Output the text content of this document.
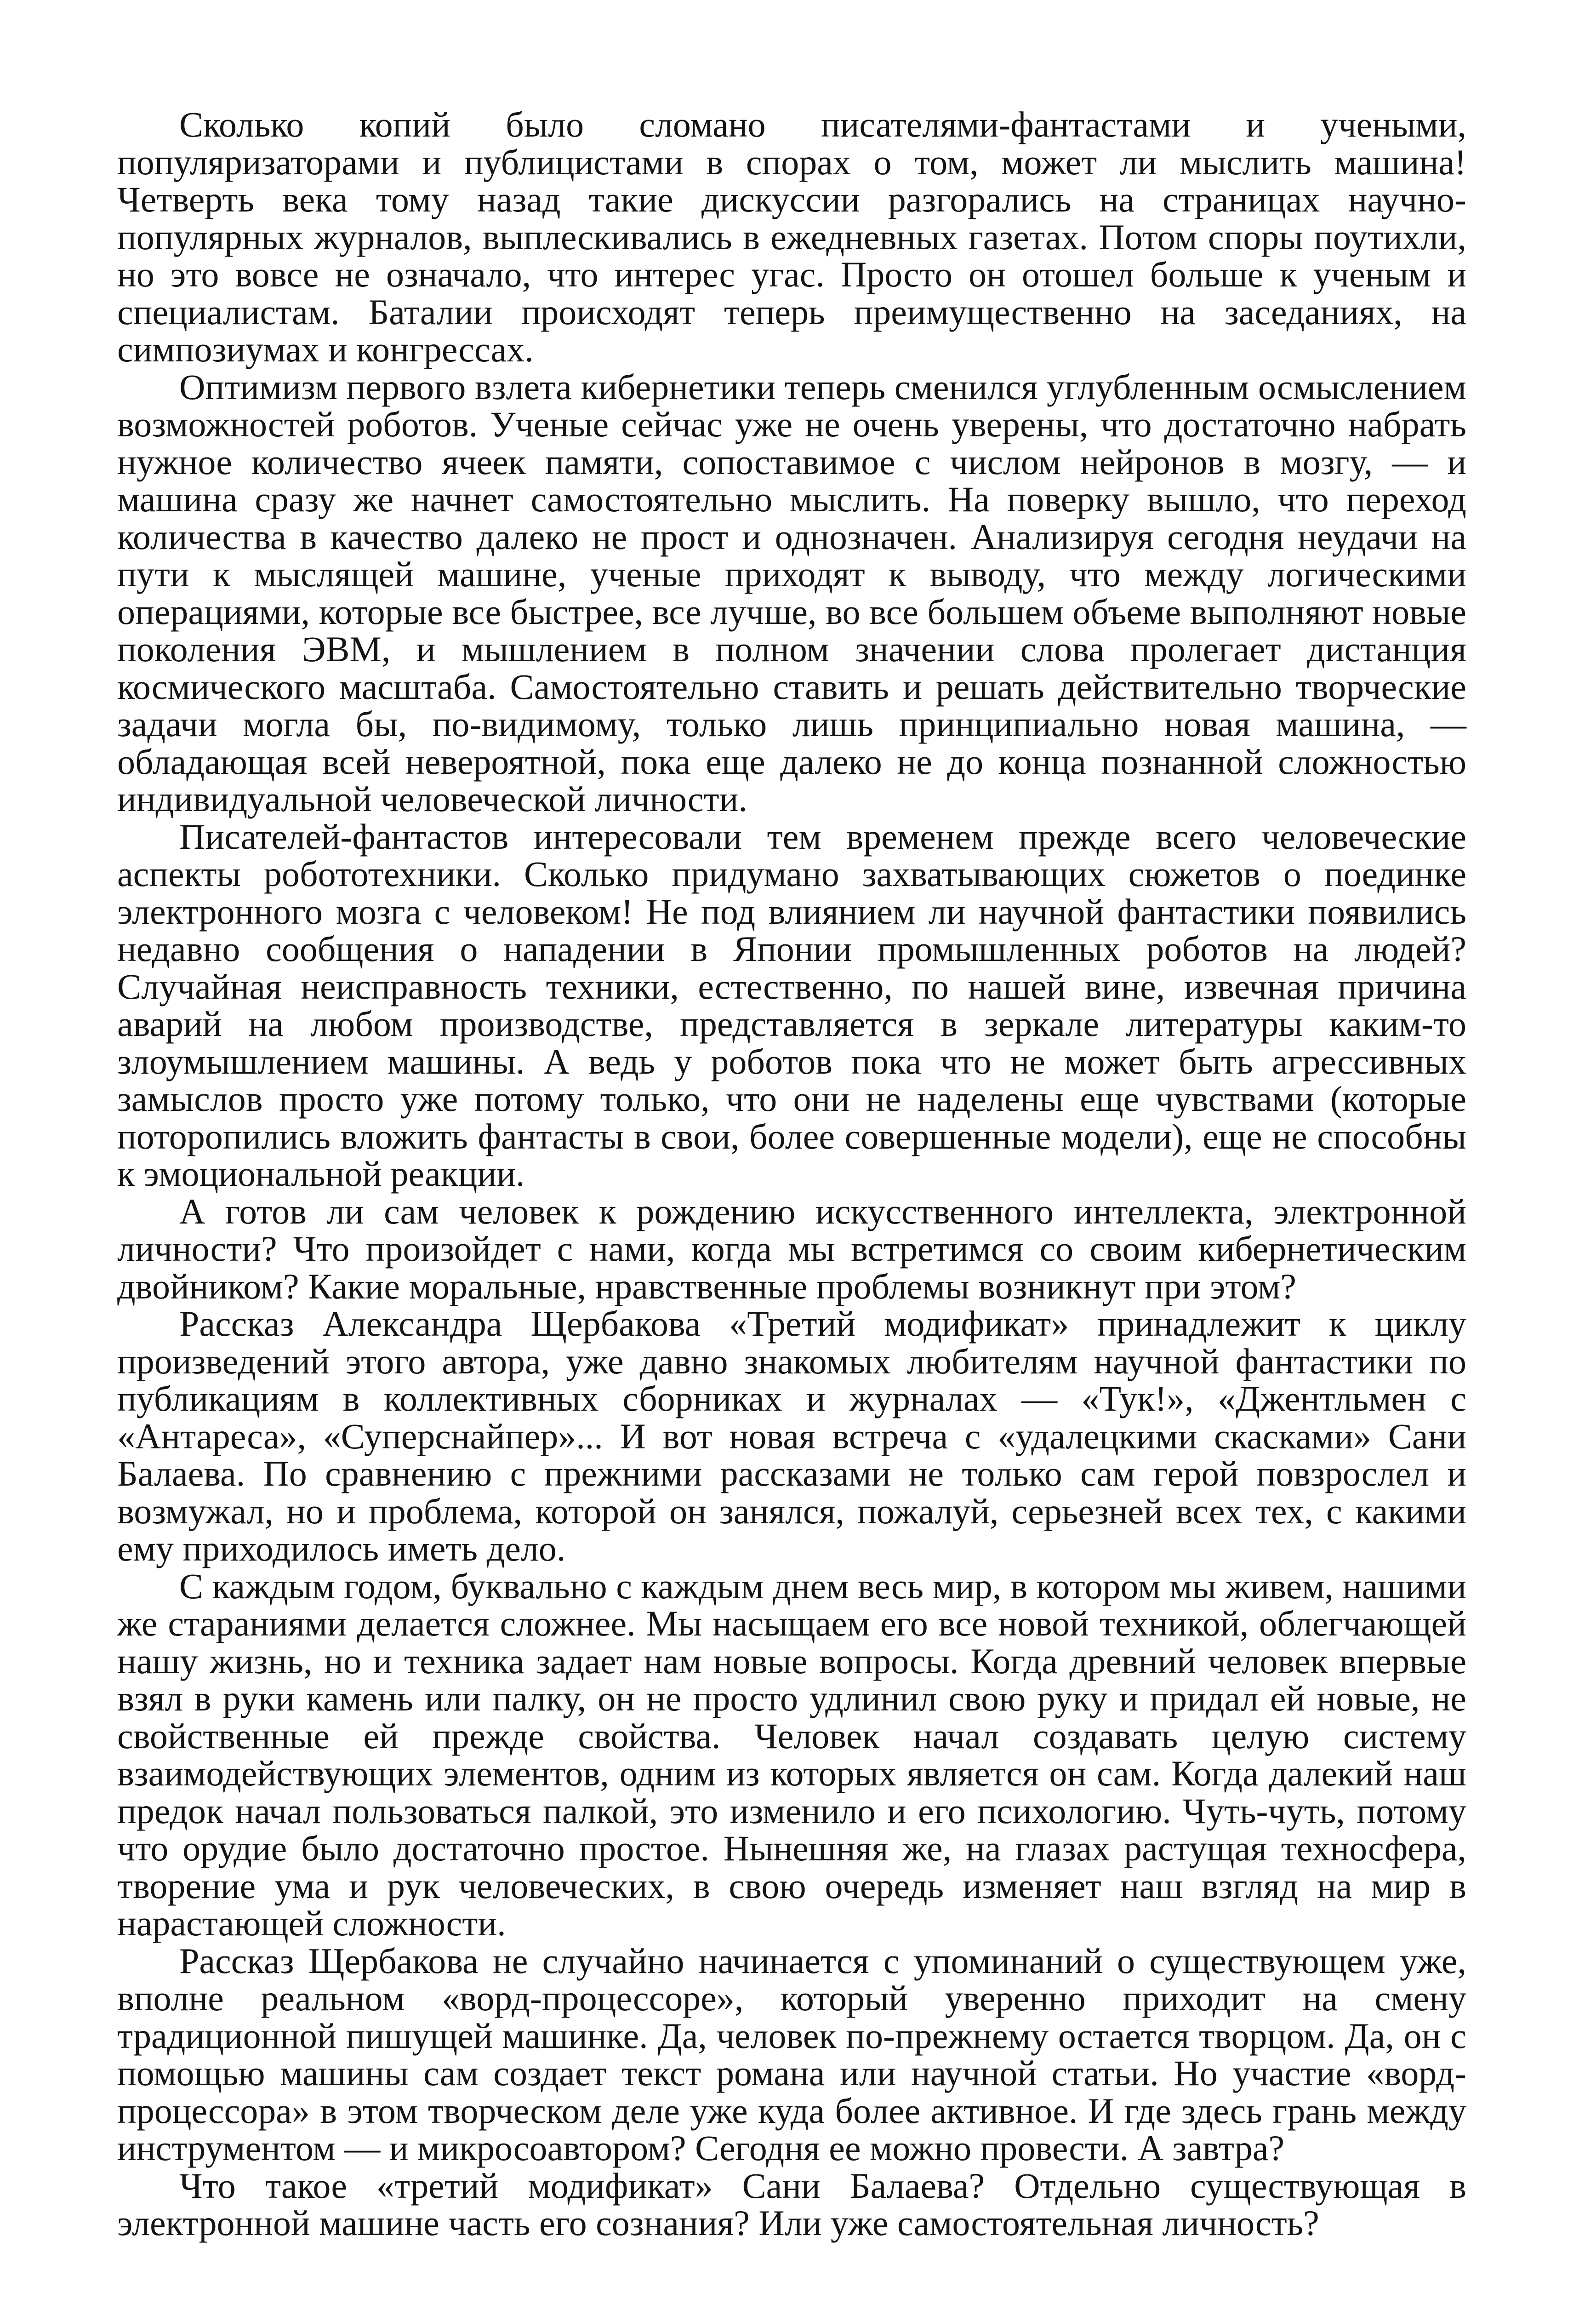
Сколько копий было сломано писателями-фантастами и учеными, популяризаторами и публицистами в спорах о том, может ли мыслить машина! Четверть века тому назад такие дискуссии разгорались на страницах научно-популярных журналов, выплескивались в ежедневных газетах. Потом споры поутихли, но это вовсе не означало, что интерес угас. Просто он отошел больше к ученым и специалистам. Баталии происходят теперь преимущественно на заседаниях, на симпозиумах и конгрессах.

Оптимизм первого взлета кибернетики теперь сменился углубленным осмыслением возможностей роботов. Ученые сейчас уже не очень уверены, что достаточно набрать нужное количество ячеек памяти, сопоставимое с числом нейронов в мозгу, — и машина сразу же начнет самостоятельно мыслить. На поверку вышло, что переход количества в качество далеко не прост и однозначен. Анализируя сегодня неудачи на пути к мыслящей машине, ученые приходят к выводу, что между логическими операциями, которые все быстрее, все лучше, во все большем объеме выполняют новые поколения ЭВМ, и мышлением в полном значении слова пролегает дистанция космического масштаба. Самостоятельно ставить и решать действительно творческие задачи могла бы, по-видимому, только лишь принципиально новая машина, — обладающая всей невероятной, пока еще далеко не до конца познанной сложностью индивидуальной человеческой личности.

Писателей-фантастов интересовали тем временем прежде всего человеческие аспекты робототехники. Сколько придумано захватывающих сюжетов о поединке электронного мозга с человеком! Не под влиянием ли научной фантастики появились недавно сообщения о нападении в Японии промышленных роботов на людей? Случайная неисправность техники, естественно, по нашей вине, извечная причина аварий на любом производстве, представляется в зеркале литературы каким-то злоумышлением машины. А ведь у роботов пока что не может быть агрессивных замыслов просто уже потому только, что они не наделены еще чувствами (которые поторопились вложить фантасты в свои, более совершенные модели), еще не способны к эмоциональной реакции.

А готов ли сам человек к рождению искусственного интеллекта, электронной личности? Что произойдет с нами, когда мы встретимся со своим кибернетическим двойником? Какие моральные, нравственные проблемы возникнут при этом?

Рассказ Александра Щербакова «Третий модификат» принадлежит к циклу произведений этого автора, уже давно знакомых любителям научной фантастики по публикациям в коллективных сборниках и журналах — «Тук!», «Джентльмен с «Антареса», «Суперснайпер»... И вот новая встреча с «удалецкими скасками» Сани Балаева. По сравнению с прежними рассказами не только сам герой повзрослел и возмужал, но и проблема, которой он занялся, пожалуй, серьезней всех тех, с какими ему приходилось иметь дело.

С каждым годом, буквально с каждым днем весь мир, в котором мы живем, нашими же стараниями делается сложнее. Мы насыщаем его все новой техникой, облегчающей нашу жизнь, но и техника задает нам новые вопросы. Когда древний человек впервые взял в руки камень или палку, он не просто удлинил свою руку и придал ей новые, не свойственные ей прежде свойства. Человек начал создавать целую систему взаимодействующих элементов, одним из которых является он сам. Когда далекий наш предок начал пользоваться палкой, это изменило и его психологию. Чуть-чуть, потому что орудие было достаточно простое. Нынешняя же, на глазах растущая техносфера, творение ума и рук человеческих, в свою очередь изменяет наш взгляд на мир в нарастающей сложности.

Рассказ Щербакова не случайно начинается с упоминаний о существующем уже, вполне реальном «ворд-процессоре», который уверенно приходит на смену традиционной пишущей машинке. Да, человек по-прежнему остается творцом. Да, он с помощью машины сам создает текст романа или научной статьи. Но участие «ворд-процессора» в этом творческом деле уже куда более активное. И где здесь грань между инструментом — и микросоавтором? Сегодня ее можно провести. А завтра?

Что такое «третий модификат» Сани Балаева? Отдельно существующая в электронной машине часть его сознания? Или уже самостоятельная личность?
